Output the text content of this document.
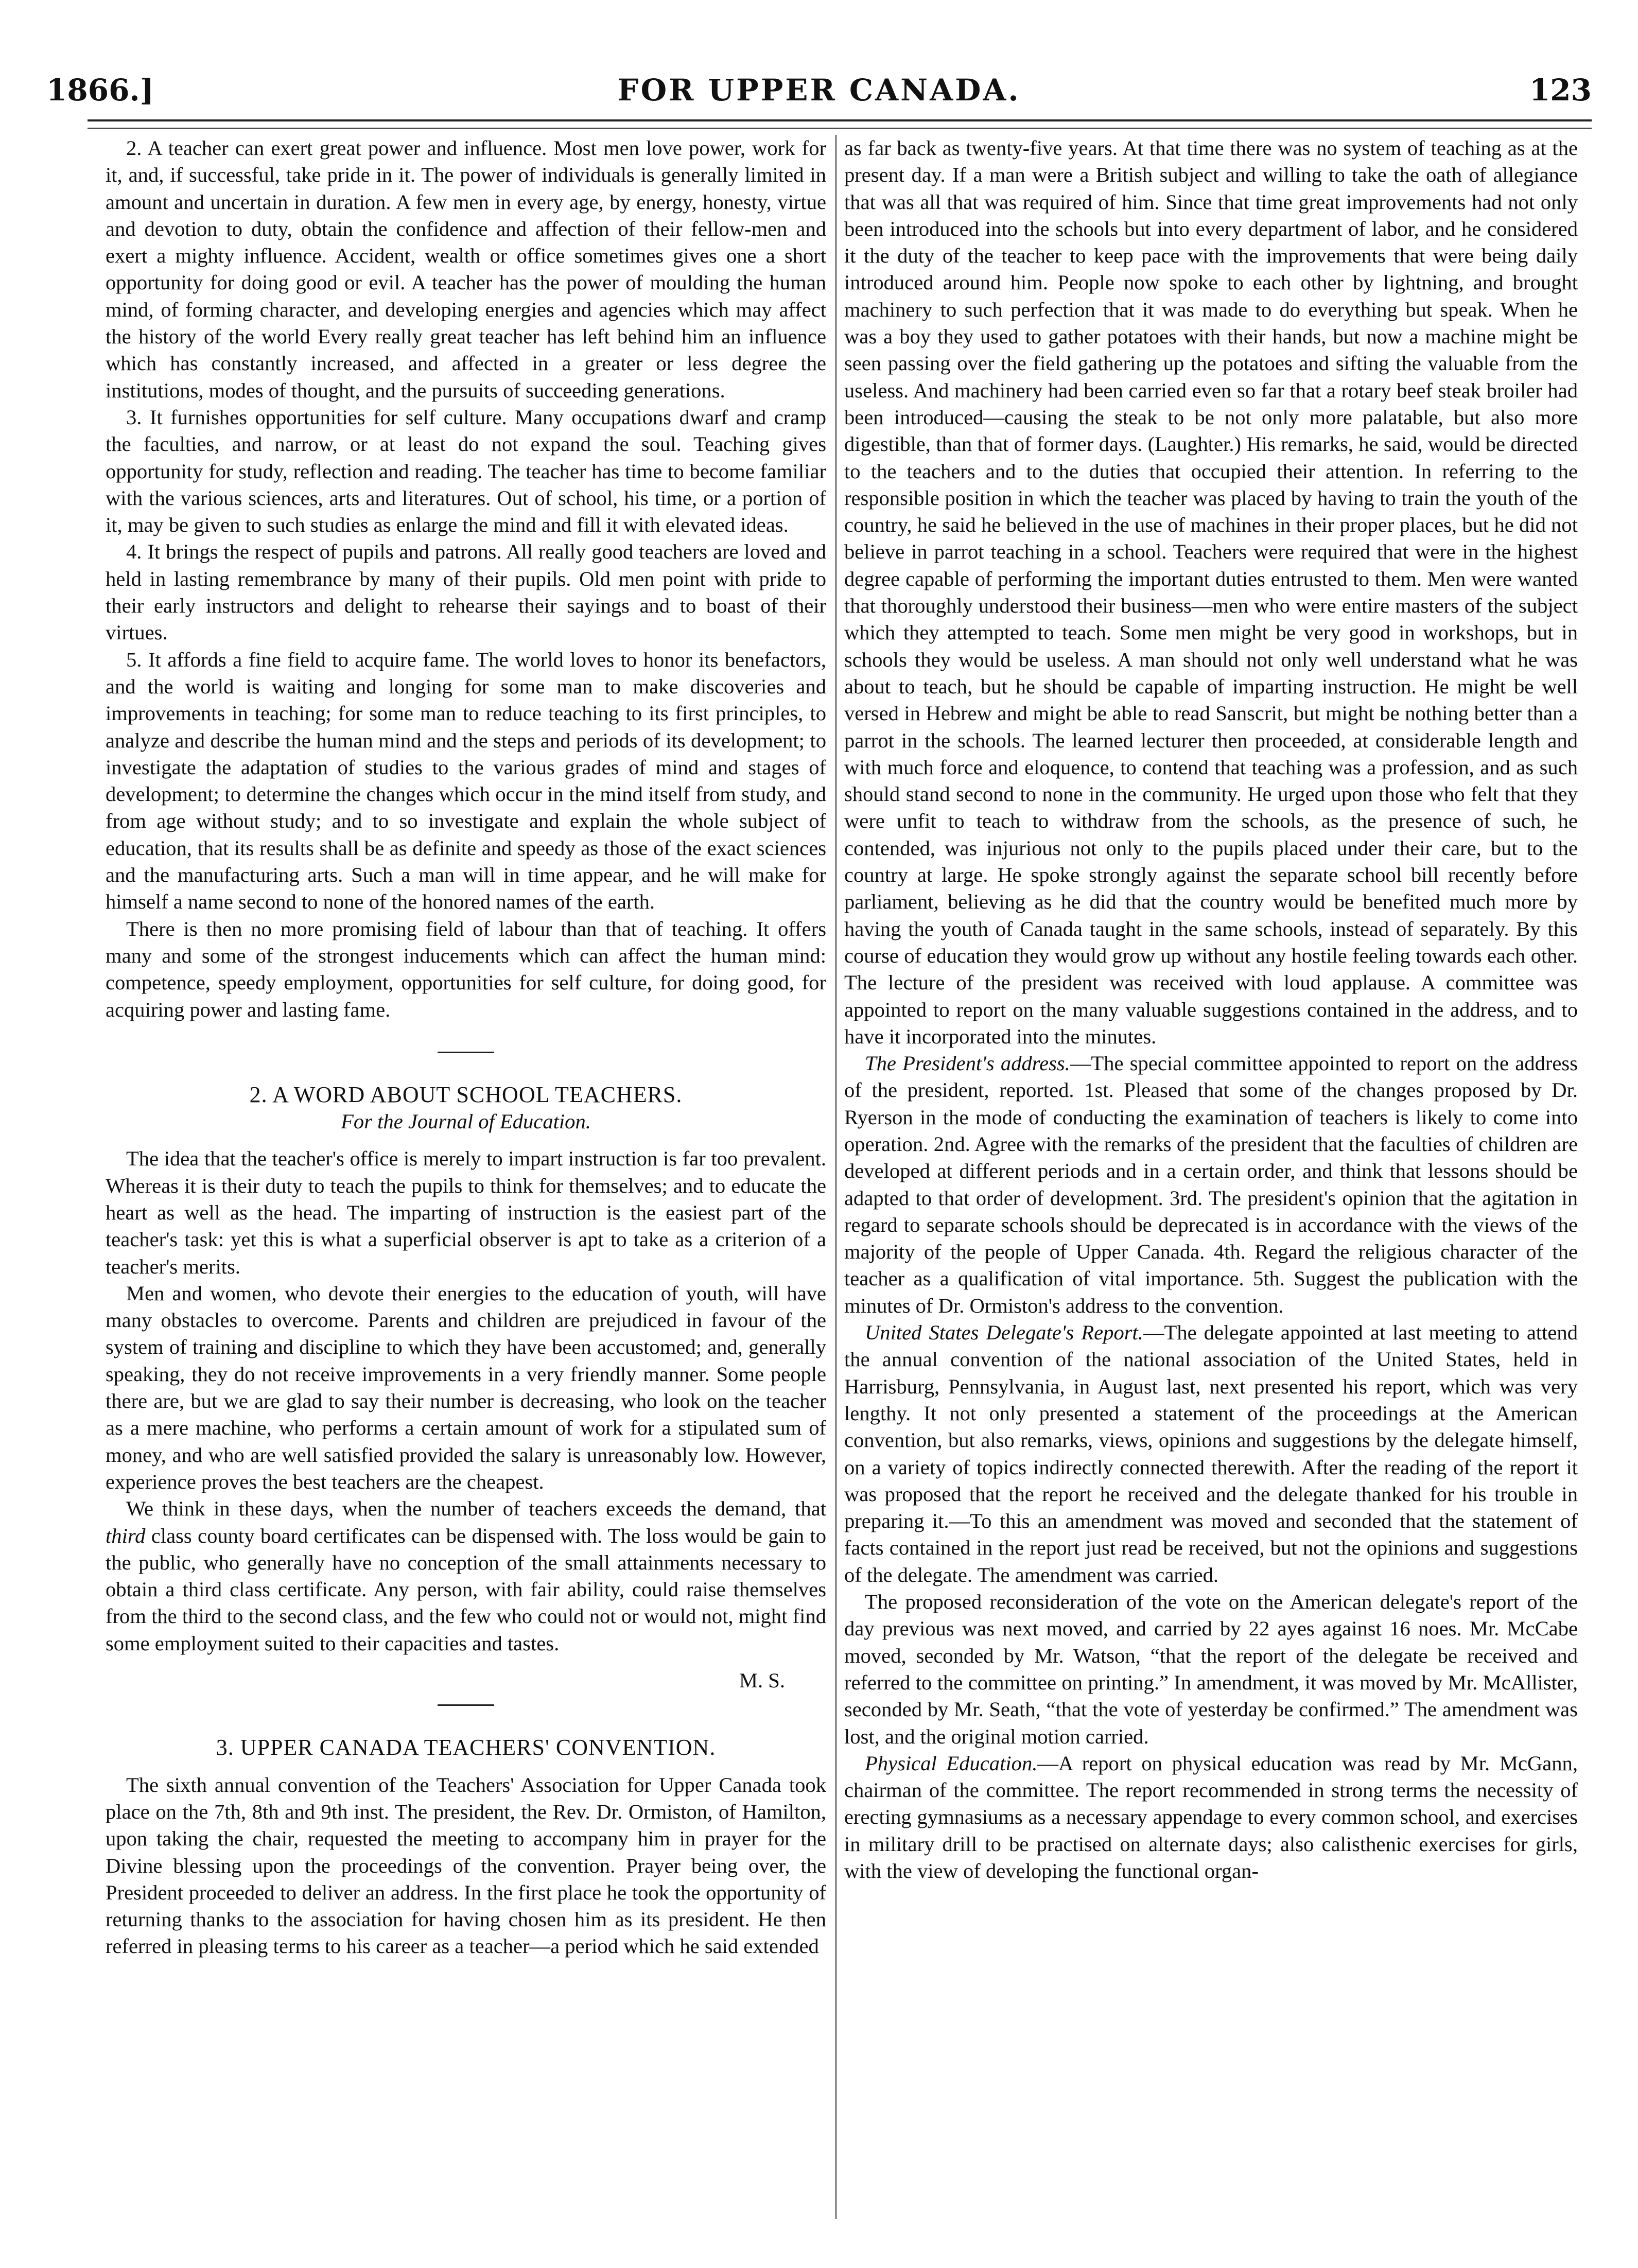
1866.]	FOR UPPER CANADA.	123

2. A teacher can exert great power and influence. Most men love power, work for it, and, if successful, take pride in it. The power of individuals is generally limited in amount and uncertain in duration. A few men in every age, by energy, honesty, virtue and devotion to duty, obtain the confidence and affection of their fellow-men and exert a mighty influence. Accident, wealth or office sometimes gives one a short opportunity for doing good or evil. A teacher has the power of moulding the human mind, of forming character, and developing energies and agencies which may affect the history of the world Every really great teacher has left behind him an influence which has constantly increased, and affected in a greater or less degree the institutions, modes of thought, and the pursuits of succeeding generations.

3. It furnishes opportunities for self culture. Many occupations dwarf and cramp the faculties, and narrow, or at least do not expand the soul. Teaching gives opportunity for study, reflection and reading. The teacher has time to become familiar with the various sciences, arts and literatures. Out of school, his time, or a portion of it, may be given to such studies as enlarge the mind and fill it with elevated ideas.

4. It brings the respect of pupils and patrons. All really good teachers are loved and held in lasting remembrance by many of their pupils. Old men point with pride to their early instructors and delight to rehearse their sayings and to boast of their virtues.

5. It affords a fine field to acquire fame. The world loves to honor its benefactors, and the world is waiting and longing for some man to make discoveries and improvements in teaching; for some man to reduce teaching to its first principles, to analyze and describe the human mind and the steps and periods of its development; to investigate the adaptation of studies to the various grades of mind and stages of development; to determine the changes which occur in the mind itself from study, and from age without study; and to so investigate and explain the whole subject of education, that its results shall be as definite and speedy as those of the exact sciences and the manufacturing arts. Such a man will in time appear, and he will make for himself a name second to none of the honored names of the earth.

There is then no more promising field of labour than that of teaching. It offers many and some of the strongest inducements which can affect the human mind: competence, speedy employment, opportunities for self culture, for doing good, for acquiring power and lasting fame.

2. A WORD ABOUT SCHOOL TEACHERS.

For the Journal of Education.

The idea that the teacher's office is merely to impart instruction is far too prevalent. Whereas it is their duty to teach the pupils to think for themselves; and to educate the heart as well as the head. The imparting of instruction is the easiest part of the teacher's task: yet this is what a superficial observer is apt to take as a criterion of a teacher's merits.

Men and women, who devote their energies to the education of youth, will have many obstacles to overcome. Parents and children are prejudiced in favour of the system of training and discipline to which they have been accustomed; and, generally speaking, they do not receive improvements in a very friendly manner. Some people there are, but we are glad to say their number is decreasing, who look on the teacher as a mere machine, who performs a certain amount of work for a stipulated sum of money, and who are well satisfied provided the salary is unreasonably low. However, experience proves the best teachers are the cheapest.

We think in these days, when the number of teachers exceeds the demand, that third class county board certificates can be dispensed with. The loss would be gain to the public, who generally have no conception of the small attainments necessary to obtain a third class certificate. Any person, with fair ability, could raise themselves from the third to the second class, and the few who could not or would not, might find some employment suited to their capacities and tastes.

M. S.

3. UPPER CANADA TEACHERS' CONVENTION.

The sixth annual convention of the Teachers' Association for Upper Canada took place on the 7th, 8th and 9th inst. The president, the Rev. Dr. Ormiston, of Hamilton, upon taking the chair, requested the meeting to accompany him in prayer for the Divine blessing upon the proceedings of the convention. Prayer being over, the President proceeded to deliver an address. In the first place he took the opportunity of returning thanks to the association for having chosen him as its president. He then referred in pleasing terms to his career as a teacher—a period which he said extended

as far back as twenty-five years. At that time there was no system of teaching as at the present day. If a man were a British subject and willing to take the oath of allegiance that was all that was required of him. Since that time great improvements had not only been introduced into the schools but into every department of labor, and he considered it the duty of the teacher to keep pace with the improvements that were being daily introduced around him. People now spoke to each other by lightning, and brought machinery to such perfection that it was made to do everything but speak. When he was a boy they used to gather potatoes with their hands, but now a machine might be seen passing over the field gathering up the potatoes and sifting the valuable from the useless. And machinery had been carried even so far that a rotary beef steak broiler had been introduced—causing the steak to be not only more palatable, but also more digestible, than that of former days. (Laughter.) His remarks, he said, would be directed to the teachers and to the duties that occupied their attention. In referring to the responsible position in which the teacher was placed by having to train the youth of the country, he said he believed in the use of machines in their proper places, but he did not believe in parrot teaching in a school. Teachers were required that were in the highest degree capable of performing the important duties entrusted to them. Men were wanted that thoroughly understood their business—men who were entire masters of the subject which they attempted to teach. Some men might be very good in workshops, but in schools they would be useless. A man should not only well understand what he was about to teach, but he should be capable of imparting instruction. He might be well versed in Hebrew and might be able to read Sanscrit, but might be nothing better than a parrot in the schools. The learned lecturer then proceeded, at considerable length and with much force and eloquence, to contend that teaching was a profession, and as such should stand second to none in the community. He urged upon those who felt that they were unfit to teach to withdraw from the schools, as the presence of such, he contended, was injurious not only to the pupils placed under their care, but to the country at large. He spoke strongly against the separate school bill recently before parliament, believing as he did that the country would be benefited much more by having the youth of Canada taught in the same schools, instead of separately. By this course of education they would grow up without any hostile feeling towards each other. The lecture of the president was received with loud applause. A committee was appointed to report on the many valuable suggestions contained in the address, and to have it incorporated into the minutes.

The President's address.—The special committee appointed to report on the address of the president, reported. 1st. Pleased that some of the changes proposed by Dr. Ryerson in the mode of conducting the examination of teachers is likely to come into operation. 2nd. Agree with the remarks of the president that the faculties of children are developed at different periods and in a certain order, and think that lessons should be adapted to that order of development. 3rd. The president's opinion that the agitation in regard to separate schools should be deprecated is in accordance with the views of the majority of the people of Upper Canada. 4th. Regard the religious character of the teacher as a qualification of vital importance. 5th. Suggest the publication with the minutes of Dr. Ormiston's address to the convention.

United States Delegate's Report.—The delegate appointed at last meeting to attend the annual convention of the national association of the United States, held in Harrisburg, Pennsylvania, in August last, next presented his report, which was very lengthy. It not only presented a statement of the proceedings at the American convention, but also remarks, views, opinions and suggestions by the delegate himself, on a variety of topics indirectly connected therewith. After the reading of the report it was proposed that the report he received and the delegate thanked for his trouble in preparing it.—To this an amendment was moved and seconded that the statement of facts contained in the report just read be received, but not the opinions and suggestions of the delegate. The amendment was carried.

The proposed reconsideration of the vote on the American delegate's report of the day previous was next moved, and carried by 22 ayes against 16 noes. Mr. McCabe moved, seconded by Mr. Watson, “that the report of the delegate be received and referred to the committee on printing.” In amendment, it was moved by Mr. McAllister, seconded by Mr. Seath, “that the vote of yesterday be confirmed.” The amendment was lost, and the original motion carried.

Physical Education.—A report on physical education was read by Mr. McGann, chairman of the committee. The report recommended in strong terms the necessity of erecting gymnasiums as a necessary appendage to every common school, and exercises in military drill to be practised on alternate days; also calisthenic exercises for girls, with the view of developing the functional organ-
